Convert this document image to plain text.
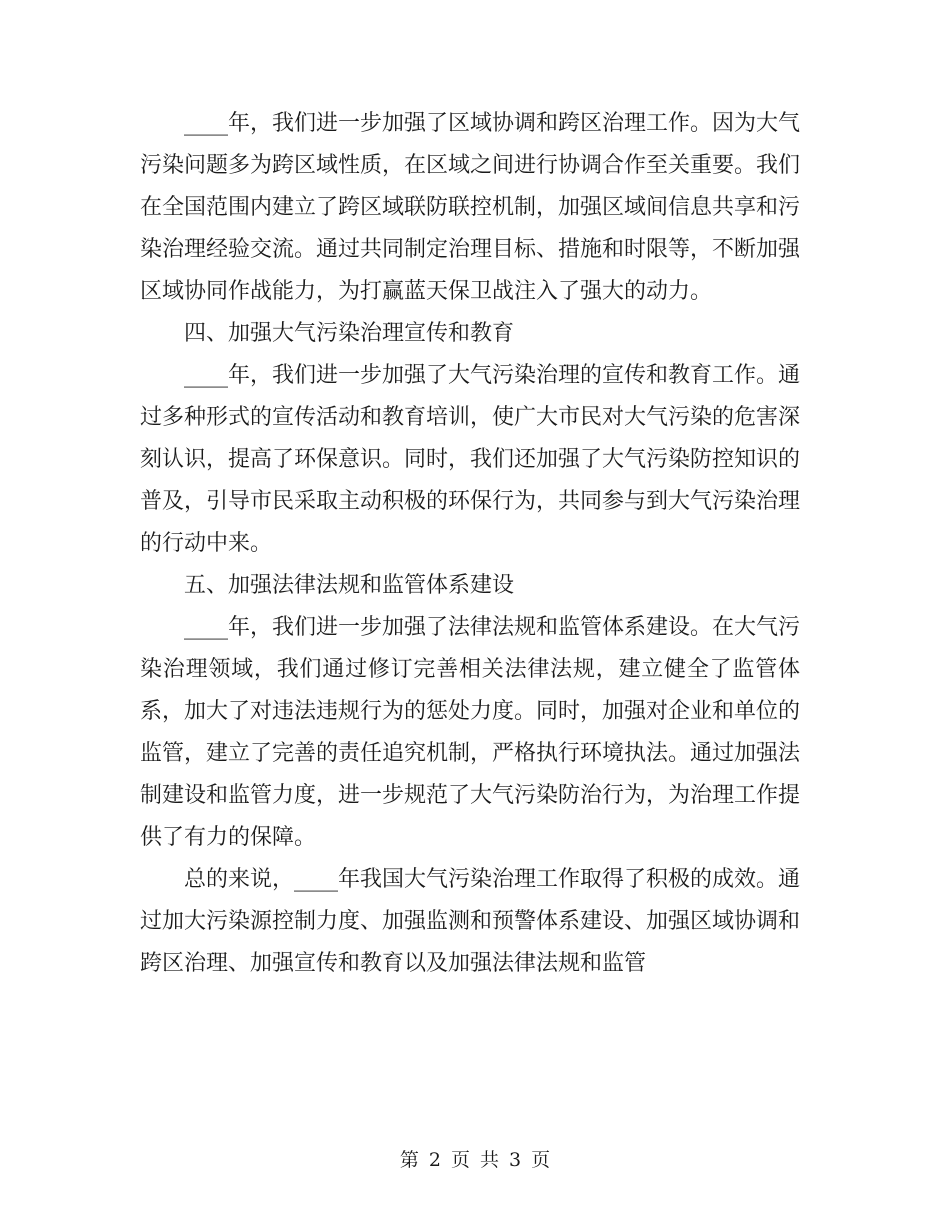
____年，我们进一步加强了区域协调和跨区治理工作。因为大气污染问题多为跨区域性质，在区域之间进行协调合作至关重要。我们在全国范围内建立了跨区域联防联控机制，加强区域间信息共享和污染治理经验交流。通过共同制定治理目标、措施和时限等，不断加强区域协同作战能力，为打赢蓝天保卫战注入了强大的动力。

四、加强大气污染治理宣传和教育

____年，我们进一步加强了大气污染治理的宣传和教育工作。通过多种形式的宣传活动和教育培训，使广大市民对大气污染的危害深刻认识，提高了环保意识。同时，我们还加强了大气污染防控知识的普及，引导市民采取主动积极的环保行为，共同参与到大气污染治理的行动中来。

五、加强法律法规和监管体系建设

____年，我们进一步加强了法律法规和监管体系建设。在大气污染治理领域，我们通过修订完善相关法律法规，建立健全了监管体系，加大了对违法违规行为的惩处力度。同时，加强对企业和单位的监管，建立了完善的责任追究机制，严格执行环境执法。通过加强法制建设和监管力度，进一步规范了大气污染防治行为，为治理工作提供了有力的保障。

总的来说，____年我国大气污染治理工作取得了积极的成效。通过加大污染源控制力度、加强监测和预警体系建设、加强区域协调和跨区治理、加强宣传和教育以及加强法律法规和监管

第 2 页 共 3 页
